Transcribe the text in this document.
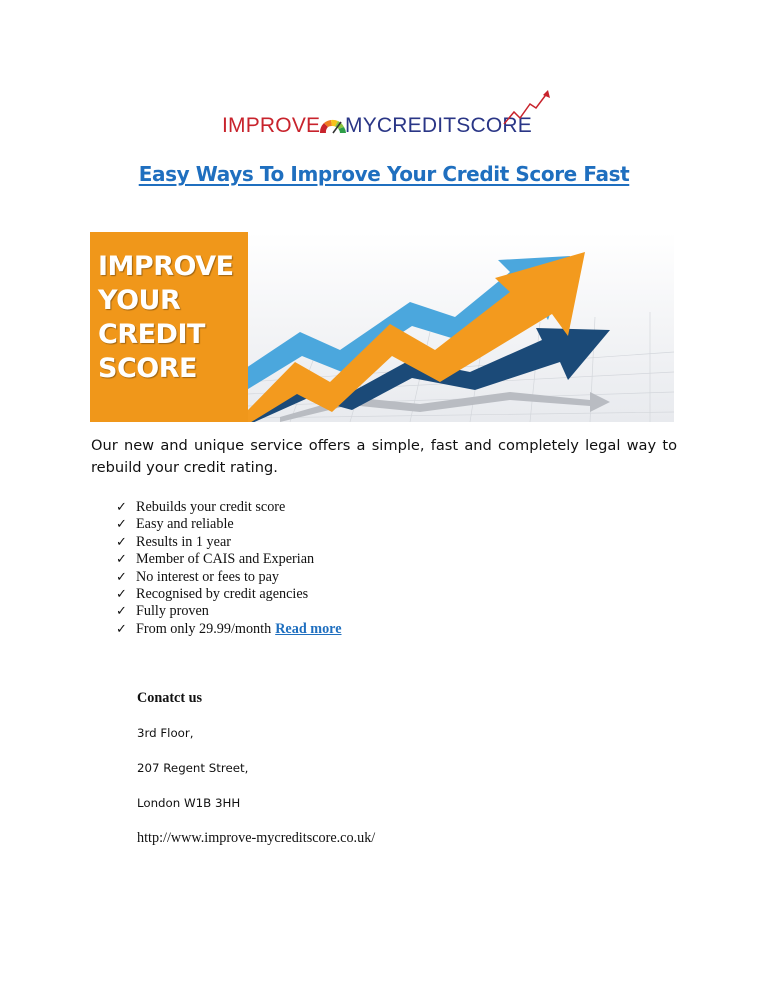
IMPROVE MYCREDITSCORE
Easy Ways To Improve Your Credit Score Fast
IMPROVE
YOUR
CREDIT
SCORE
Our new and unique service offers a simple, fast and completely legal way to rebuild your credit rating.
✓ Rebuilds your credit score
✓ Easy and reliable
✓ Results in 1 year
✓ Member of CAIS and Experian
✓ No interest or fees to pay
✓ Recognised by credit agencies
✓ Fully proven
✓ From only 29.99/month Read more
Conatct us
3rd Floor,
207 Regent Street,
London W1B 3HH
http://www.improve-mycreditscore.co.uk/
